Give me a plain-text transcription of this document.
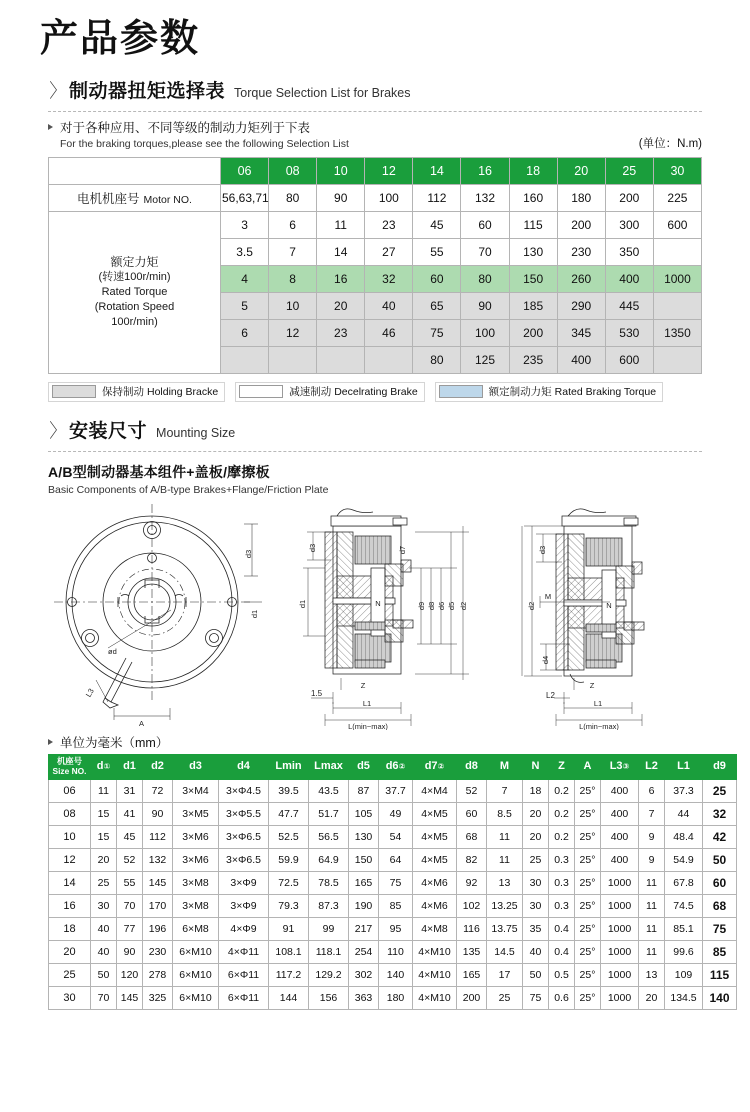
产品参数
〉 制动器扭矩选择表 Torque Selection List for Brakes
对于各种应用、不同等级的制动力矩列于下表
For the braking torques,please see the following Selection List	(单位：N.m)
机座号 BASE NO.	06	08	10	12	14	16	18	20	25	30
电机机座号 Motor NO.	56,63,71	80	90	100	112	132	160	180	200	225

额定力矩
(转速100r/min)
Rated Torque
(Rotation Speed
100r/min)	3	6	11	23	45	60	115	200	300	600
	3.5	7	14	27	55	70	130	230	350	
	4	8	16	32	60	80	150	260	400	1000
	5	10	20	40	65	90	185	290	445	
	6	12	23	46	75	100	200	345	530	1350
					80	125	235	400	600	
保持制动 Holding Bracke	减速制动 Decelrating Brake	额定制动力矩 Rated Braking Torque
〉 安装尺寸 Mounting Size
A/B型制动器基本组件+盖板/摩擦板
Basic Components of A/B-type Brakes+Flange/Friction Plate
d3
d1
ød
L3
A
d3
d1
d7
N	d9 d8 d6 d5 d2
Z
1.5
L1
L(min~max)
d3
d2
M
N
d4
L2
Z
L1
L(min~max)
单位为毫米（mm）
机座号
Size NO.	d①	d1	d2	d3	d4	Lmin	Lmax	d5	d6②	d7②	d8	M	N	Z	A	L3③	L2	L1	d9
06	11	31	72	3×M4	3×Φ4.5	39.5	43.5	87	37.7	4×M4	52	7	18	0.2	25°	400	6	37.3	25
08	15	41	90	3×M5	3×Φ5.5	47.7	51.7	105	49	4×M5	60	8.5	20	0.2	25°	400	7	44	32
10	15	45	112	3×M6	3×Φ6.5	52.5	56.5	130	54	4×M5	68	11	20	0.2	25°	400	9	48.4	42
12	20	52	132	3×M6	3×Φ6.5	59.9	64.9	150	64	4×M5	82	11	25	0.3	25°	400	9	54.9	50
14	25	55	145	3×M8	3×Φ9	72.5	78.5	165	75	4×M6	92	13	30	0.3	25°	1000	11	67.8	60
16	30	70	170	3×M8	3×Φ9	79.3	87.3	190	85	4×M6	102	13.25	30	0.3	25°	1000	11	74.5	68
18	40	77	196	6×M8	4×Φ9	91	99	217	95	4×M8	116	13.75	35	0.4	25°	1000	11	85.1	75
20	40	90	230	6×M10	4×Φ11	108.1	118.1	254	110	4×M10	135	14.5	40	0.4	25°	1000	11	99.6	85
25	50	120	278	6×M10	6×Φ11	117.2	129.2	302	140	4×M10	165	17	50	0.5	25°	1000	13	109	115
30	70	145	325	6×M10	6×Φ11	144	156	363	180	4×M10	200	25	75	0.6	25°	1000	20	134.5	140
